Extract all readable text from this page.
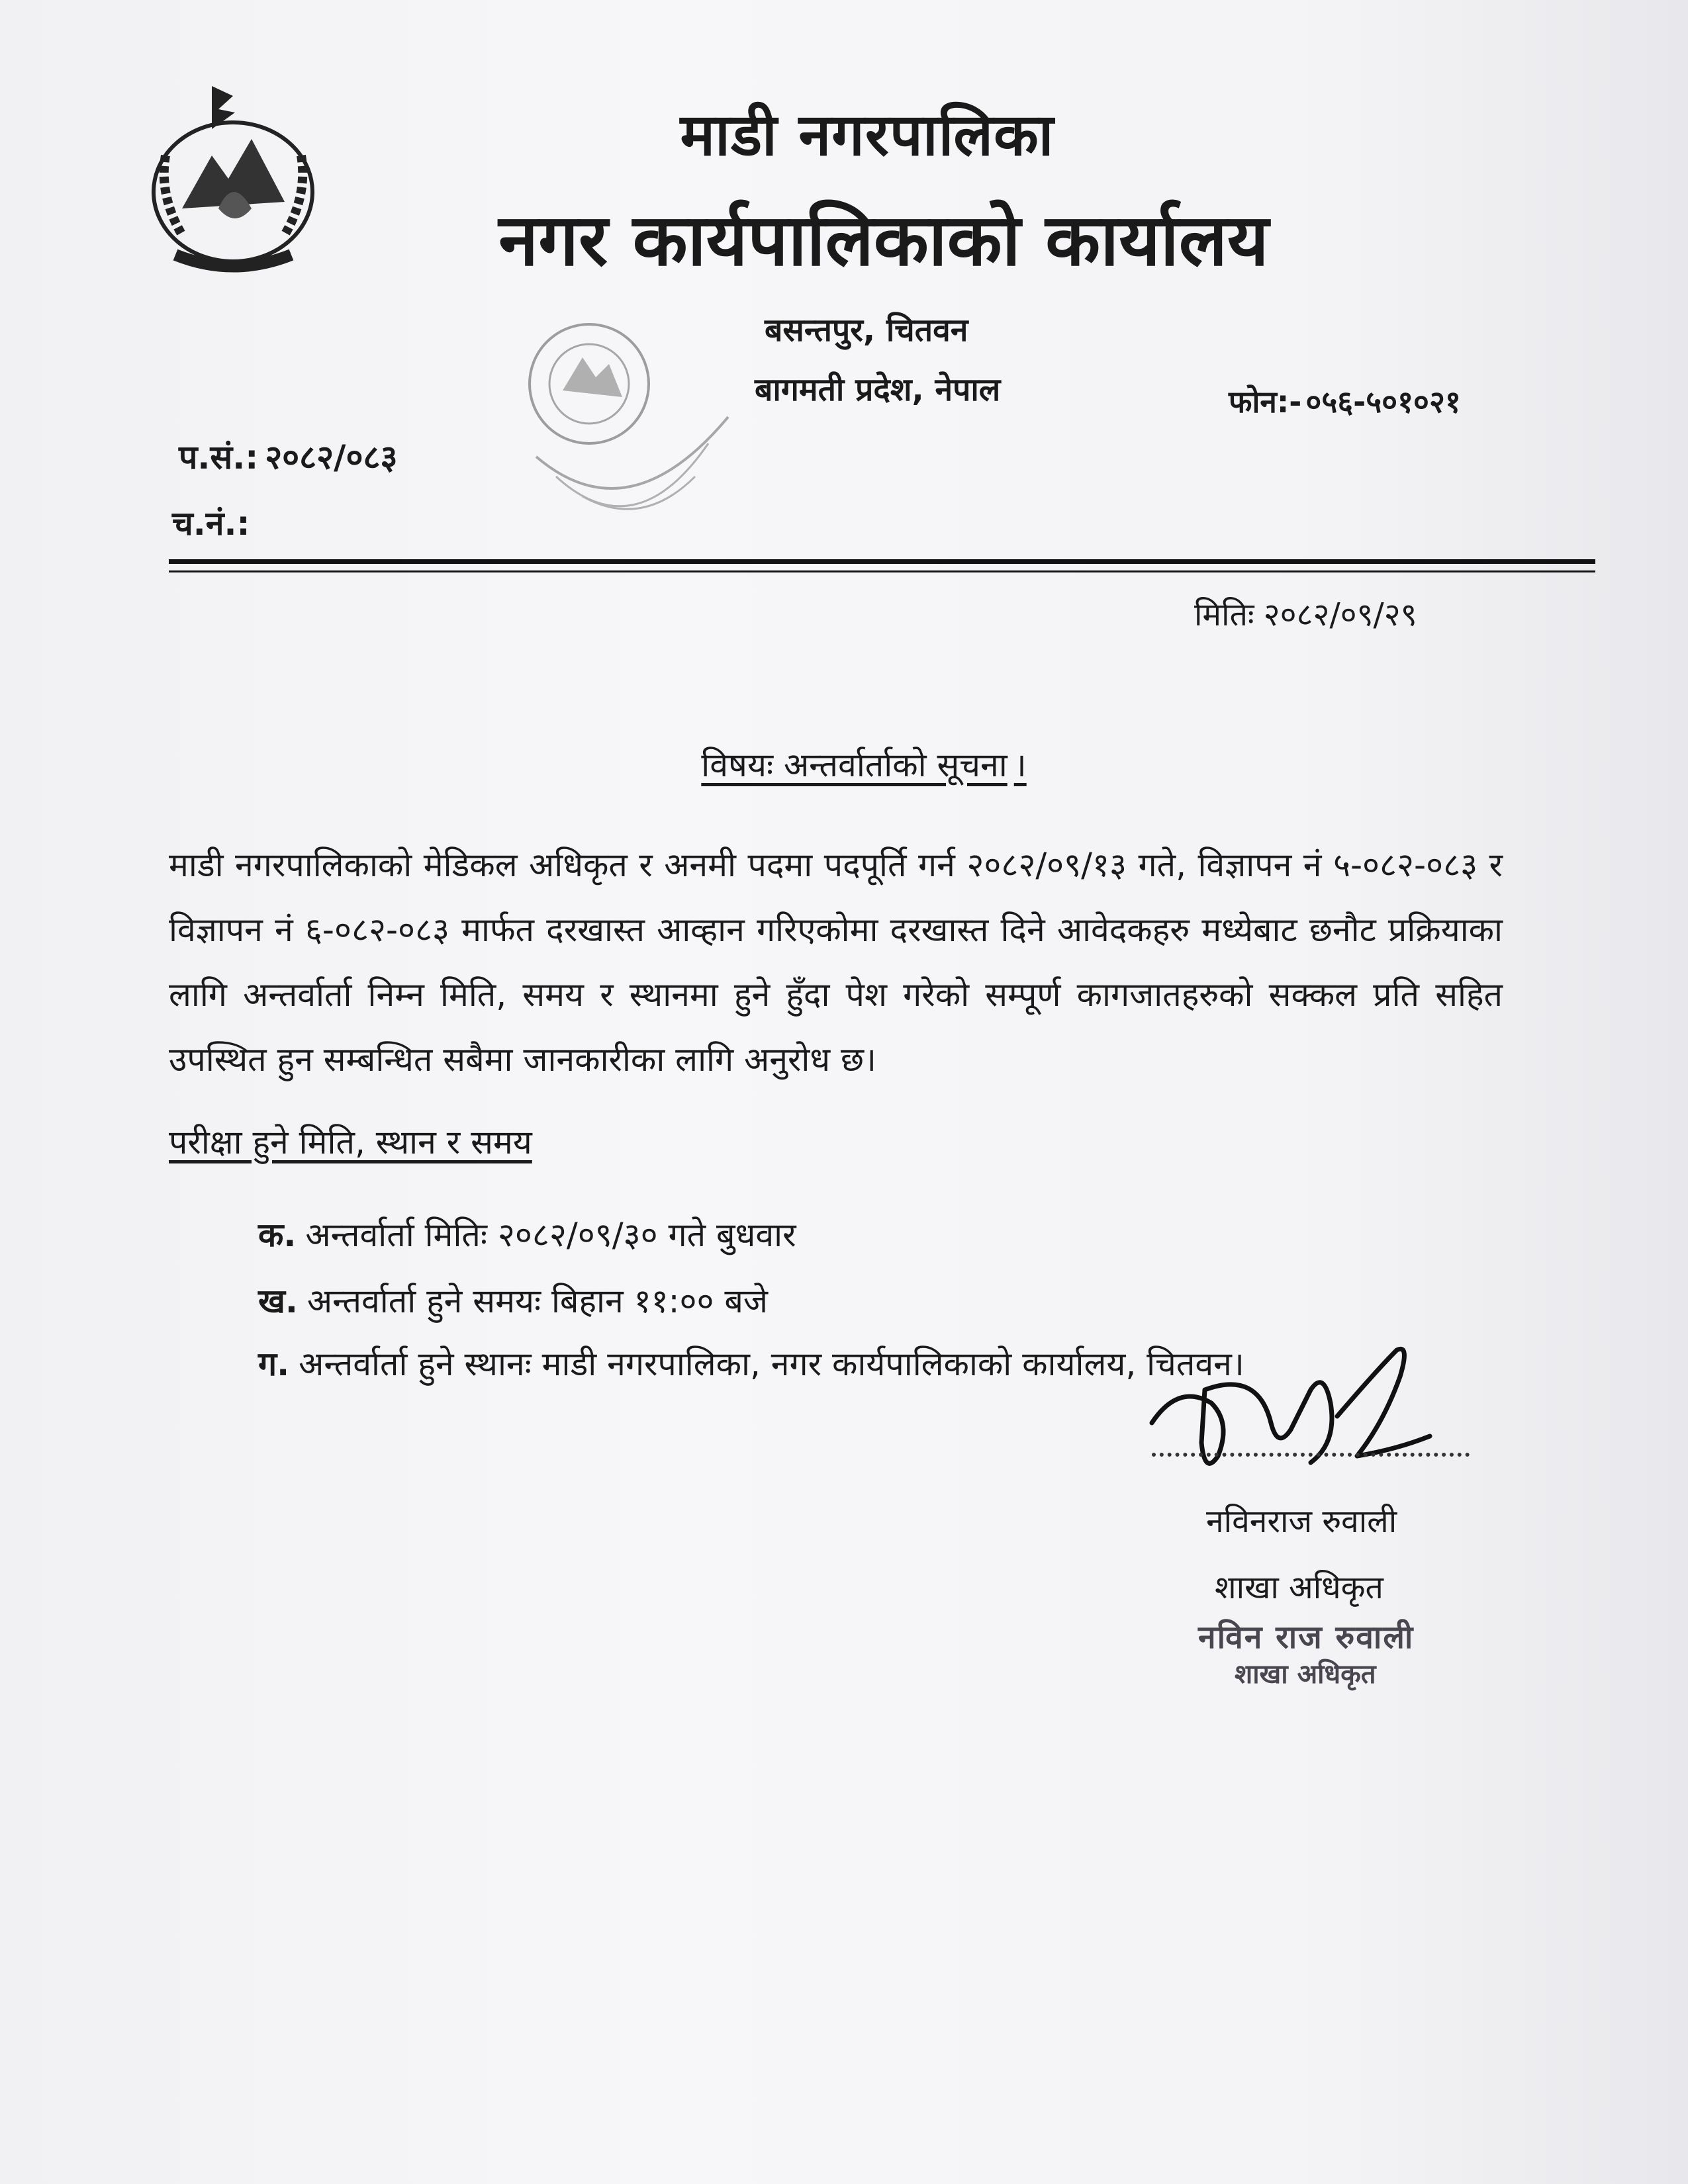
माडी नगरपालिका
नगर कार्यपालिकाको कार्यालय
बसन्तपुर, चितवन
बागमती प्रदेश, नेपाल	फोन:- ०५६-५०१०२१
प.सं.: २०८२/०८३
च.नं.:
मितिः २०८२/०९/२९
विषयः अन्तर्वार्ताको सूचना ।
माडी नगरपालिकाको मेडिकल अधिकृत र अनमी पदमा पदपूर्ति गर्न २०८२/०९/१३ गते, विज्ञापन नं ५-०८२-०८३ र विज्ञापन नं ६-०८२-०८३ मार्फत दरखास्त आव्हान गरिएकोमा दरखास्त दिने आवेदकहरु मध्येबाट छनौट प्रक्रियाका लागि अन्तर्वार्ता निम्न मिति, समय र स्थानमा हुने हुँदा पेश गरेको सम्पूर्ण कागजातहरुको सक्कल प्रति सहित उपस्थित हुन सम्बन्धित सबैमा जानकारीका लागि अनुरोध छ।
परीक्षा हुने मिति, स्थान र समय
क. अन्तर्वार्ता मितिः २०८२/०९/३० गते बुधवार
ख. अन्तर्वार्ता हुने समयः बिहान ११:०० बजे
ग. अन्तर्वार्ता हुने स्थानः माडी नगरपालिका, नगर कार्यपालिकाको कार्यालय, चितवन।
नविनराज रुवाली
शाखा अधिकृत
नविन राज रुवाली
शाखा अधिकृत
